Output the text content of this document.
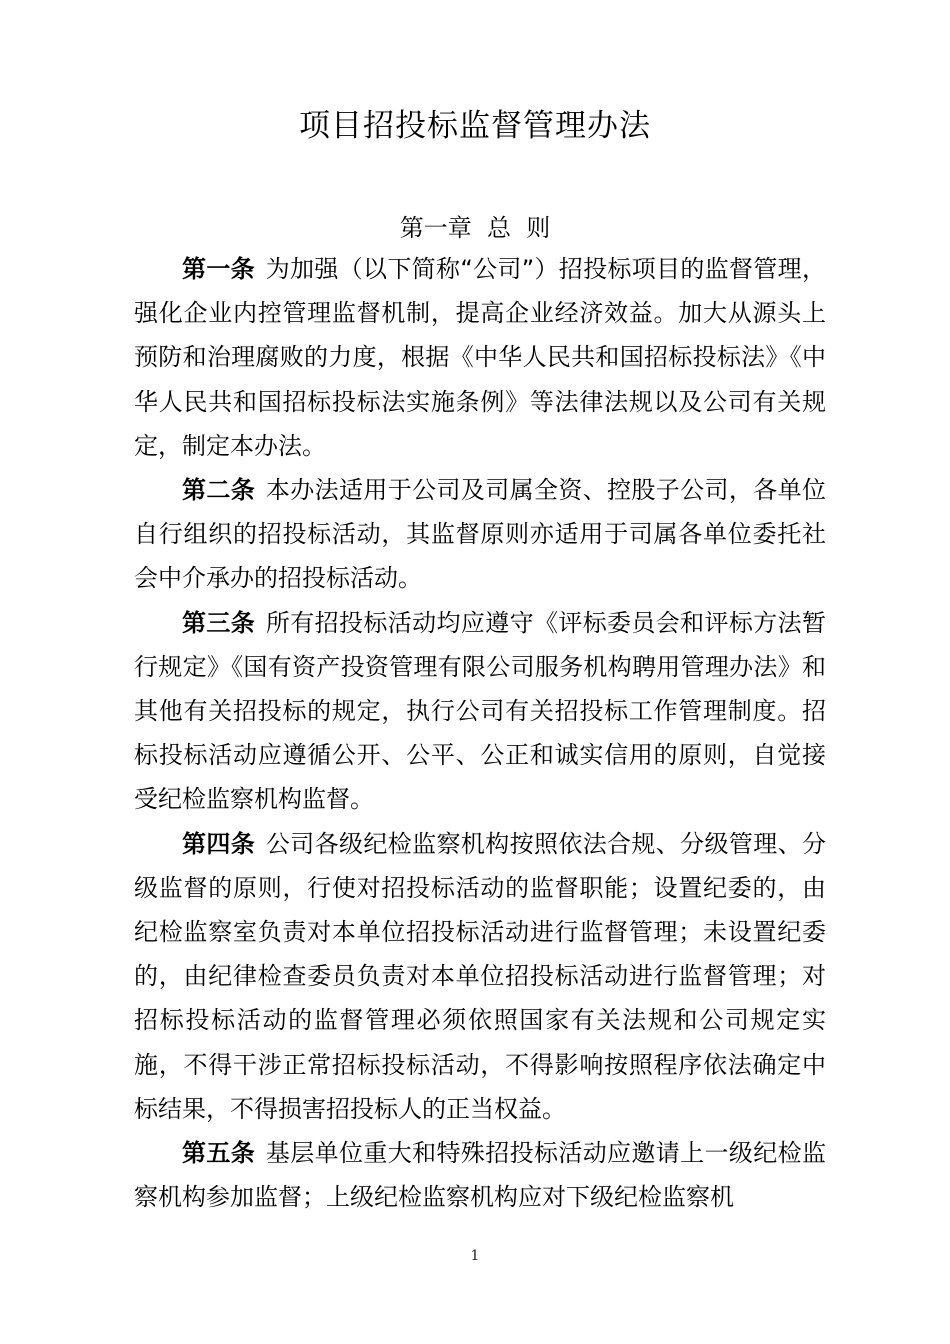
项目招投标监督管理办法
第一章  总  则

第一条 为加强（以下简称“公司”）招投标项目的监督管理，强化企业内控管理监督机制，提高企业经济效益。加大从源头上预防和治理腐败的力度，根据《中华人民共和国招标投标法》《中华人民共和国招标投标法实施条例》等法律法规以及公司有关规定，制定本办法。

第二条 本办法适用于公司及司属全资、控股子公司，各单位自行组织的招投标活动，其监督原则亦适用于司属各单位委托社会中介承办的招投标活动。

第三条 所有招投标活动均应遵守《评标委员会和评标方法暂行规定》《国有资产投资管理有限公司服务机构聘用管理办法》和其他有关招投标的规定，执行公司有关招投标工作管理制度。招标投标活动应遵循公开、公平、公正和诚实信用的原则，自觉接受纪检监察机构监督。

第四条 公司各级纪检监察机构按照依法合规、分级管理、分级监督的原则，行使对招投标活动的监督职能；设置纪委的，由纪检监察室负责对本单位招投标活动进行监督管理；未设置纪委的，由纪律检查委员负责对本单位招投标活动进行监督管理；对招标投标活动的监督管理必须依照国家有关法规和公司规定实施，不得干涉正常招标投标活动，不得影响按照程序依法确定中标结果，不得损害招投标人的正当权益。

第五条 基层单位重大和特殊招投标活动应邀请上一级纪检监察机构参加监督；上级纪检监察机构应对下级纪检监察机

1
